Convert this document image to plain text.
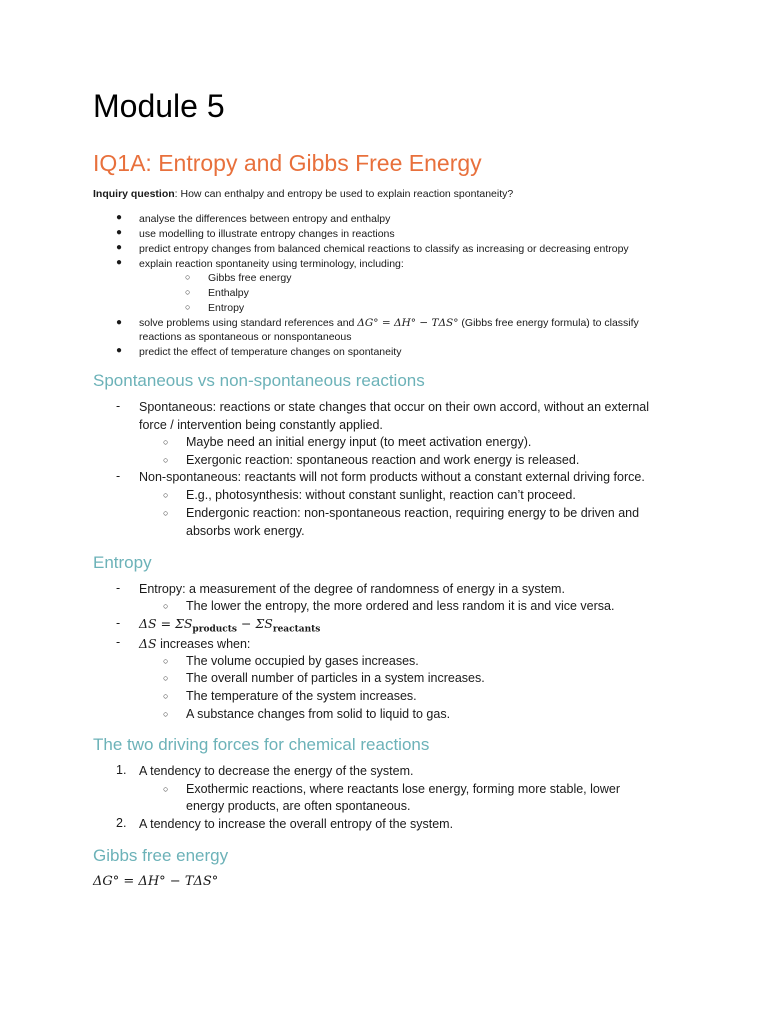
Module 5
IQ1A: Entropy and Gibbs Free Energy
Inquiry question: How can enthalpy and entropy be used to explain reaction spontaneity?
● analyse the differences between entropy and enthalpy
● use modelling to illustrate entropy changes in reactions
● predict entropy changes from balanced chemical reactions to classify as increasing or decreasing entropy
● explain reaction spontaneity using terminology, including:
○ Gibbs free energy
○ Enthalpy
○ Entropy
● solve problems using standard references and ΔG° = ΔH° − TΔS° (Gibbs free energy formula) to classify
reactions as spontaneous or nonspontaneous
● predict the effect of temperature changes on spontaneity
Spontaneous vs non-spontaneous reactions
- Spontaneous: reactions or state changes that occur on their own accord, without an external
force / intervention being constantly applied.
○ Maybe need an initial energy input (to meet activation energy).
○ Exergonic reaction: spontaneous reaction and work energy is released.
- Non-spontaneous: reactants will not form products without a constant external driving force.
○ E.g., photosynthesis: without constant sunlight, reaction can’t proceed.
○ Endergonic reaction: non-spontaneous reaction, requiring energy to be driven and
absorbs work energy.
Entropy
- Entropy: a measurement of the degree of randomness of energy in a system.
○ The lower the entropy, the more ordered and less random it is and vice versa.
- $\Delta S = \Sigma S_{products} - \Sigma S_{reactants}$
- ΔS increases when:
○ The volume occupied by gases increases.
○ The overall number of particles in a system increases.
○ The temperature of the system increases.
○ A substance changes from solid to liquid to gas.
The two driving forces for chemical reactions
1. A tendency to decrease the energy of the system.
○ Exothermic reactions, where reactants lose energy, forming more stable, lower
energy products, are often spontaneous.
2. A tendency to increase the overall entropy of the system.
Gibbs free energy
ΔG° = ΔH° − TΔS°
